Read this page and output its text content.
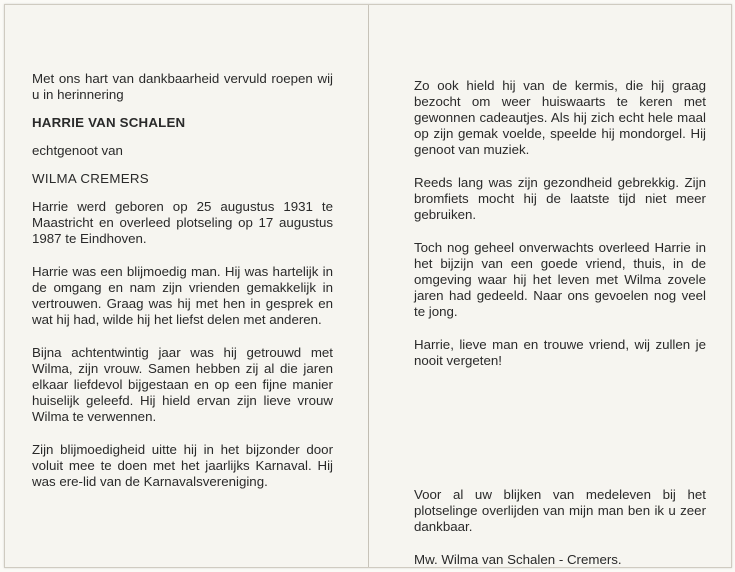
Met ons hart van dankbaarheid vervuld roepen wij u in herinnering

HARRIE VAN SCHALEN

echtgenoot van

WILMA CREMERS

Harrie werd geboren op 25 augustus 1931 te Maastricht en overleed plotseling op 17 augustus 1987 te Eindhoven.

Harrie was een blijmoedig man. Hij was hartelijk in de omgang en nam zijn vrienden gemakkelijk in vertrouwen. Graag was hij met hen in gesprek en wat hij had, wilde hij het liefst delen met anderen.

Bijna achtentwintig jaar was hij getrouwd met Wilma, zijn vrouw. Samen hebben zij al die jaren elkaar liefdevol bijgestaan en op een fijne manier huiselijk geleefd. Hij hield ervan zijn lieve vrouw Wilma te verwennen.

Zijn blijmoedigheid uitte hij in het bijzonder door voluit mee te doen met het jaarlijks Karnaval. Hij was ere-lid van de Karnavalsvereniging.

Zo ook hield hij van de kermis, die hij graag bezocht om weer huiswaarts te keren met gewonnen cadeautjes. Als hij zich echt hele maal op zijn gemak voelde, speelde hij mondorgel. Hij genoot van muziek.

Reeds lang was zijn gezondheid gebrekkig. Zijn bromfiets mocht hij de laatste tijd niet meer gebruiken.

Toch nog geheel onverwachts overleed Harrie in het bijzijn van een goede vriend, thuis, in de omgeving waar hij het leven met Wilma zovele jaren had gedeeld. Naar ons gevoelen nog veel te jong.

Harrie, lieve man en trouwe vriend, wij zullen je nooit vergeten!

Voor al uw blijken van medeleven bij het plotselinge overlijden van mijn man ben ik u zeer dankbaar.

Mw. Wilma van Schalen - Cremers.
